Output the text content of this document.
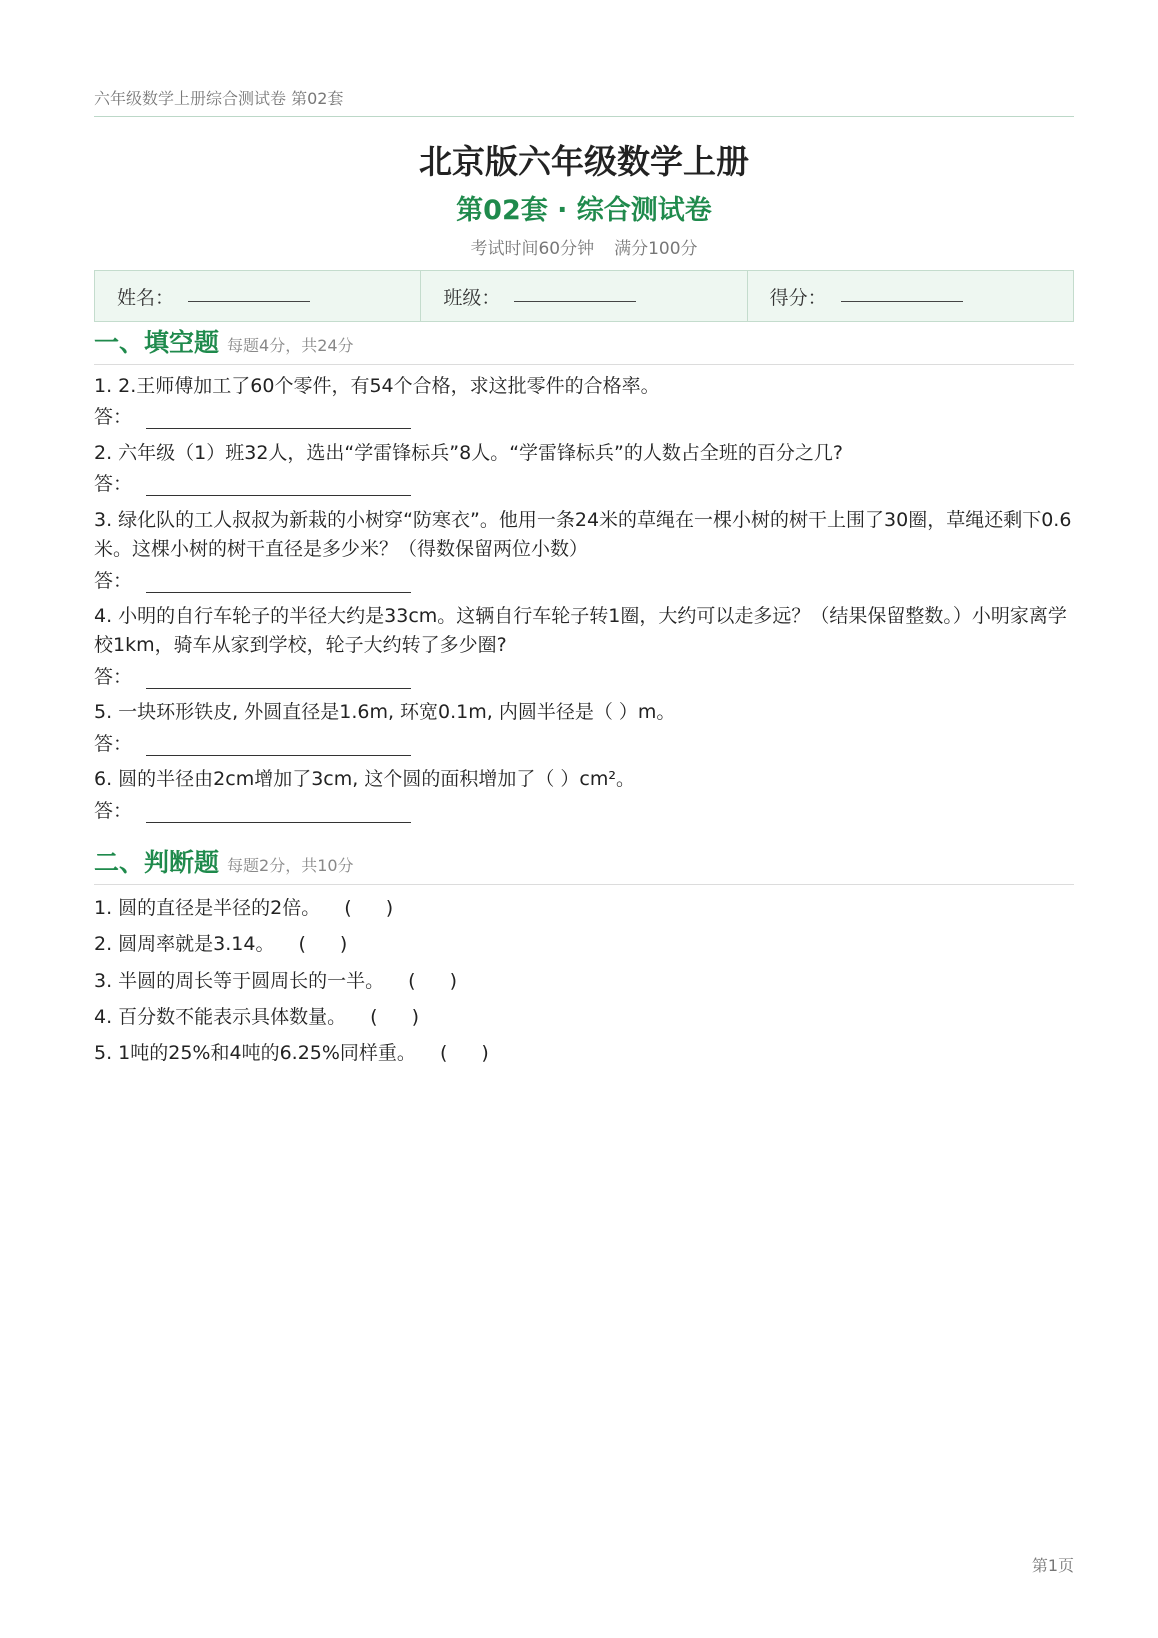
六年级数学上册综合测试卷 第02套
北京版六年级数学上册
第02套 · 综合测试卷
考试时间60分钟 满分100分
姓名：	班级：	得分：
一、填空题 每题4分，共24分
1. 2.王师傅加工了60个零件，有54个合格，求这批零件的合格率。
答：
2. 六年级（1）班32人，选出“学雷锋标兵”8人。“学雷锋标兵”的人数占全班的百分之几?
答：
3. 绿化队的工人叔叔为新栽的小树穿“防寒衣”。他用一条24米的草绳在一棵小树的树干上围了30圈，草绳还剩下0.6米。这棵小树的树干直径是多少米？（得数保留两位小数）
答：
4. 小明的自行车轮子的半径大约是33cm。这辆自行车轮子转1圈，大约可以走多远？（结果保留整数。）小明家离学校1km，骑车从家到学校，轮子大约转了多少圈?
答：
5. 一块环形铁皮, 外圆直径是1.6m, 环宽0.1m, 内圆半径是（ ）m。
答：
6. 圆的半径由2cm增加了3cm, 这个圆的面积增加了（ ）cm²。
答：
二、判断题 每题2分，共10分
1. 圆的直径是半径的2倍。 ( )
2. 圆周率就是3.14。 ( )
3. 半圆的周长等于圆周长的一半。 ( )
4. 百分数不能表示具体数量。 ( )
5. 1吨的25%和4吨的6.25%同样重。 ( )
第1页
